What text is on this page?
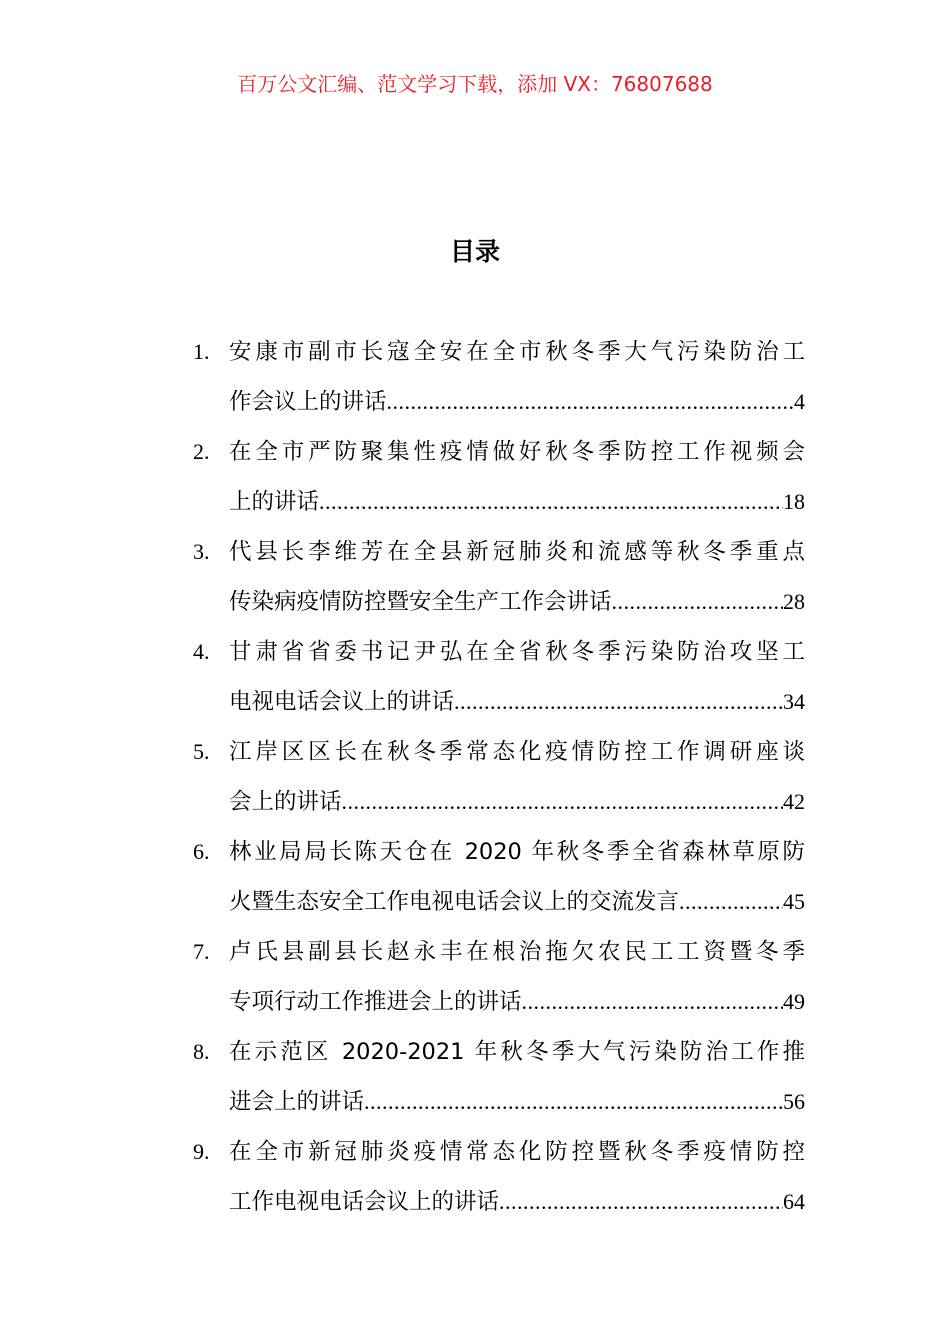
百万公文汇编、范文学习下载，添加 VX：76807688
目录
1. 安康市副市长寇全安在全市秋冬季大气污染防治工
作会议上的讲话 .....	4
2. 在全市严防聚集性疫情做好秋冬季防控工作视频会
上的讲话 .....	18
3. 代县长李维芳在全县新冠肺炎和流感等秋冬季重点
传染病疫情防控暨安全生产工作会讲话 .....	28
4. 甘肃省省委书记尹弘在全省秋冬季污染防治攻坚工
电视电话会议上的讲话 .....	34
5. 江岸区区长在秋冬季常态化疫情防控工作调研座谈
会上的讲话 .....	42
6. 林业局局长陈天仓在 2020 年秋冬季全省森林草原防
火暨生态安全工作电视电话会议上的交流发言 .....	45
7. 卢氏县副县长赵永丰在根治拖欠农民工工资暨冬季
专项行动工作推进会上的讲话 .....	49
8. 在示范区 2020-2021 年秋冬季大气污染防治工作推
进会上的讲话 .....	56
9. 在全市新冠肺炎疫情常态化防控暨秋冬季疫情防控
工作电视电话会议上的讲话 .....	64
